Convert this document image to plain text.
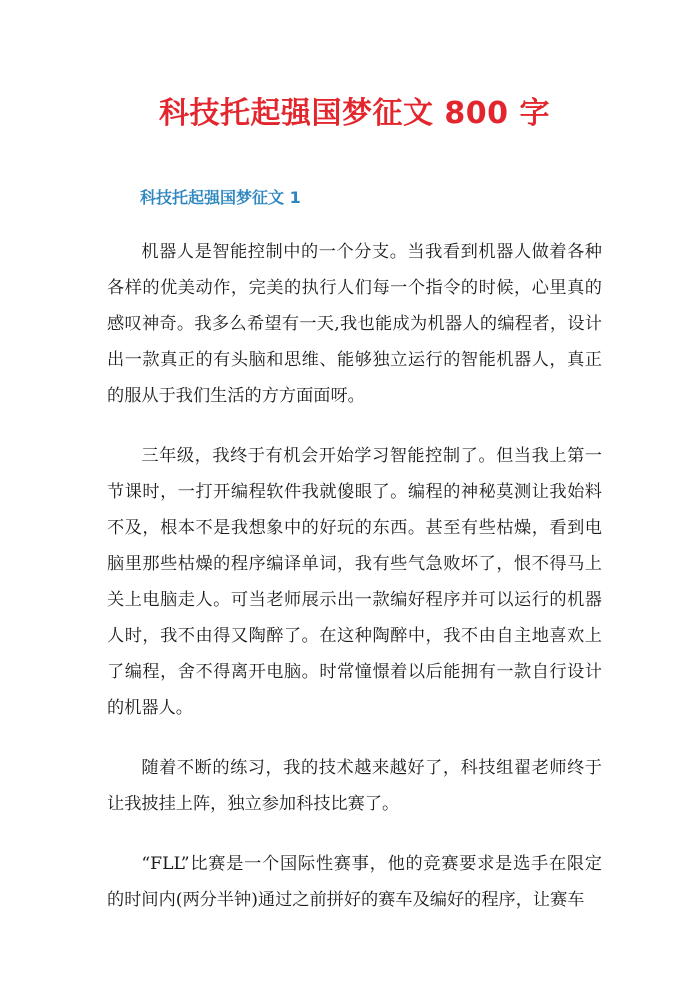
科技托起强国梦征文 800 字
科技托起强国梦征文 1

机器人是智能控制中的一个分支。当我看到机器人做着各种各样的优美动作，完美的执行人们每一个指令的时候，心里真的感叹神奇。我多么希望有一天,我也能成为机器人的编程者，设计出一款真正的有头脑和思维、能够独立运行的智能机器人，真正的服从于我们生活的方方面面呀。

三年级，我终于有机会开始学习智能控制了。但当我上第一节课时，一打开编程软件我就傻眼了。编程的神秘莫测让我始料不及，根本不是我想象中的好玩的东西。甚至有些枯燥，看到电脑里那些枯燥的程序编译单词，我有些气急败坏了，恨不得马上关上电脑走人。可当老师展示出一款编好程序并可以运行的机器人时，我不由得又陶醉了。在这种陶醉中，我不由自主地喜欢上了编程，舍不得离开电脑。时常憧憬着以后能拥有一款自行设计的机器人。

随着不断的练习，我的技术越来越好了，科技组翟老师终于让我披挂上阵，独立参加科技比赛了。

“FLL”比赛是一个国际性赛事，他的竞赛要求是选手在限定的时间内(两分半钟)通过之前拼好的赛车及编好的程序，让赛车
